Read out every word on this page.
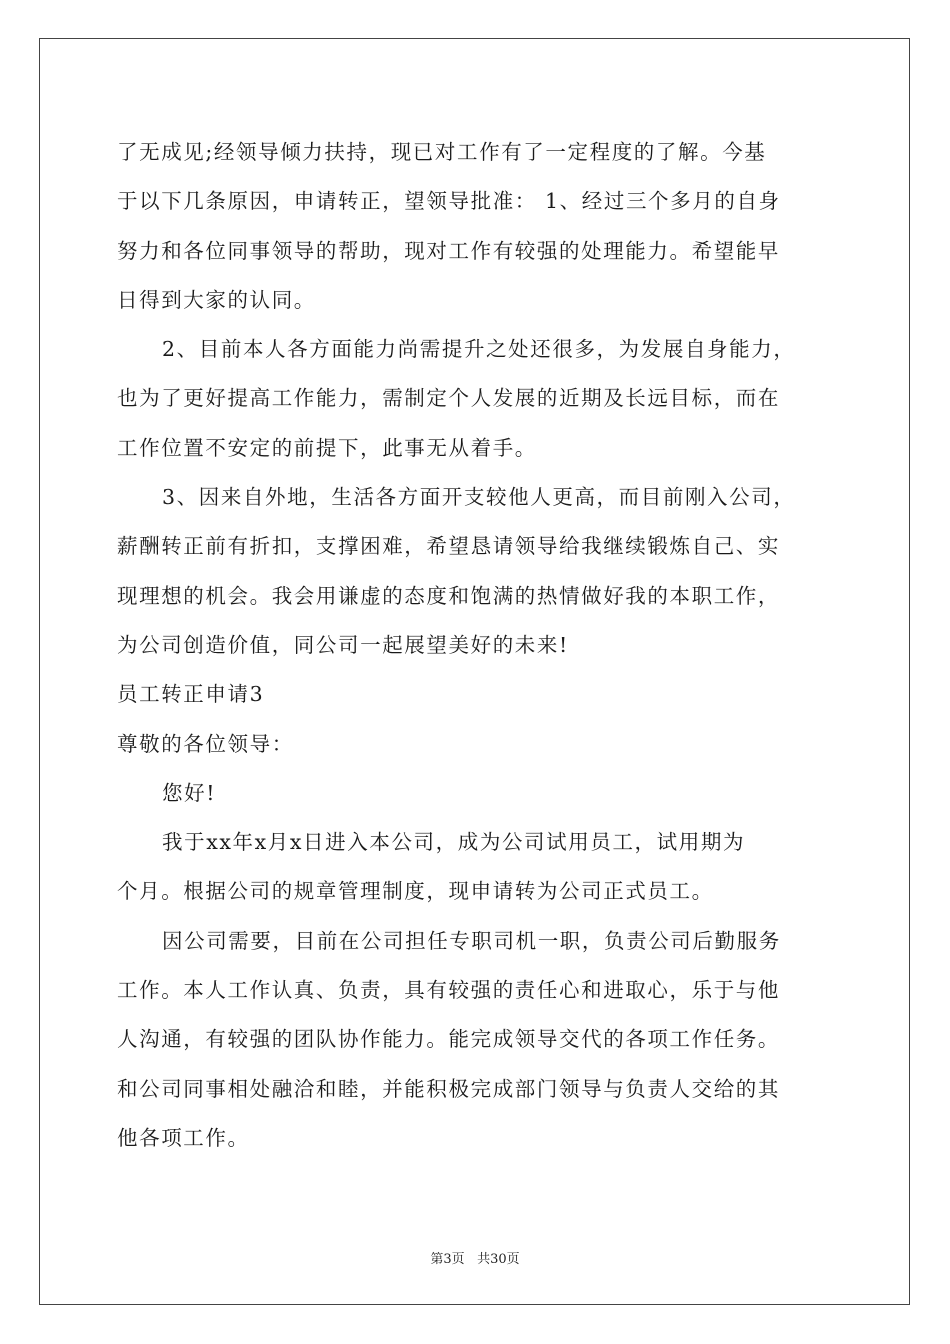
了无成见;经领导倾力扶持，现已对工作有了一定程度的了解。今基
于以下几条原因，申请转正，望领导批准： 1、经过三个多月的自身
努力和各位同事领导的帮助，现对工作有较强的处理能力。希望能早
日得到大家的认同。
2、目前本人各方面能力尚需提升之处还很多，为发展自身能力，
也为了更好提高工作能力，需制定个人发展的近期及长远目标，而在
工作位置不安定的前提下，此事无从着手。
3、因来自外地，生活各方面开支较他人更高，而目前刚入公司，
薪酬转正前有折扣，支撑困难，希望恳请领导给我继续锻炼自己、实
现理想的机会。我会用谦虚的态度和饱满的热情做好我的本职工作，
为公司创造价值，同公司一起展望美好的未来!
员工转正申请3
尊敬的各位领导：
您好!
我于xx年x月x日进入本公司，成为公司试用员工，试用期为
个月。根据公司的规章管理制度，现申请转为公司正式员工。
因公司需要，目前在公司担任专职司机一职，负责公司后勤服务
工作。本人工作认真、负责，具有较强的责任心和进取心，乐于与他
人沟通，有较强的团队协作能力。能完成领导交代的各项工作任务。
和公司同事相处融洽和睦，并能积极完成部门领导与负责人交给的其
他各项工作。
第3页 共30页
